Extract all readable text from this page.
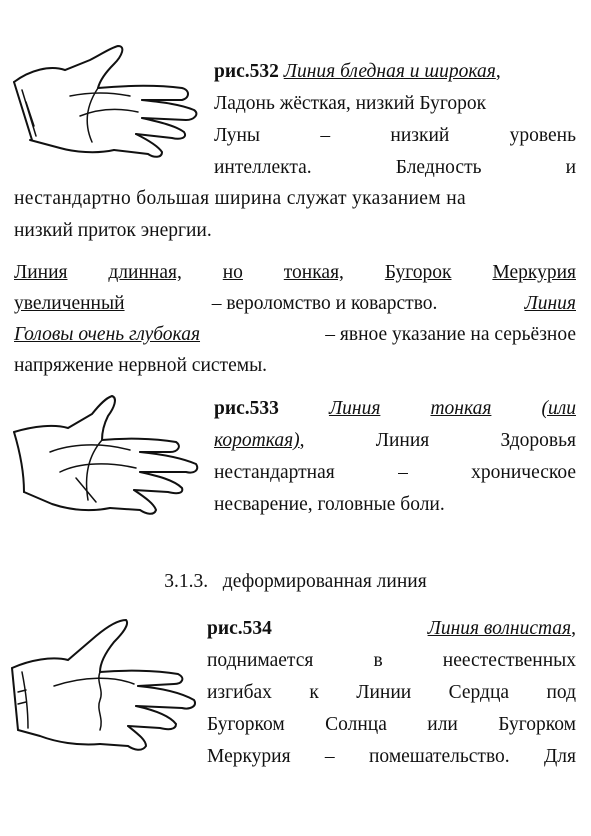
рис.532 Линия бледная и широкая,
Ладонь жёсткая, низкий Бугорок
Луны	–	низкий	уровень
интеллекта.	Бледность	и
нестандартно большая ширина служат указанием на
низкий приток энергии.
Линия длинная, но тонкая, Бугорок Меркурия
увеличенный	– вероломство и коварство.	Линия
Головы очень глубокая	– явное указание на серьёзное
напряжение нервной системы.
рис.533	Линия	тонкая	(или
короткая),	Линия	Здоровья
нестандартная	–	хроническое
несварение, головные боли.
3.1.3.   деформированная линия
рис.534	Линия волнистая,
поднимается	в	неестественных
изгибах к Линии Сердца под
Бугорком Солнца или Бугорком
Меркурия – помешательство. Для
